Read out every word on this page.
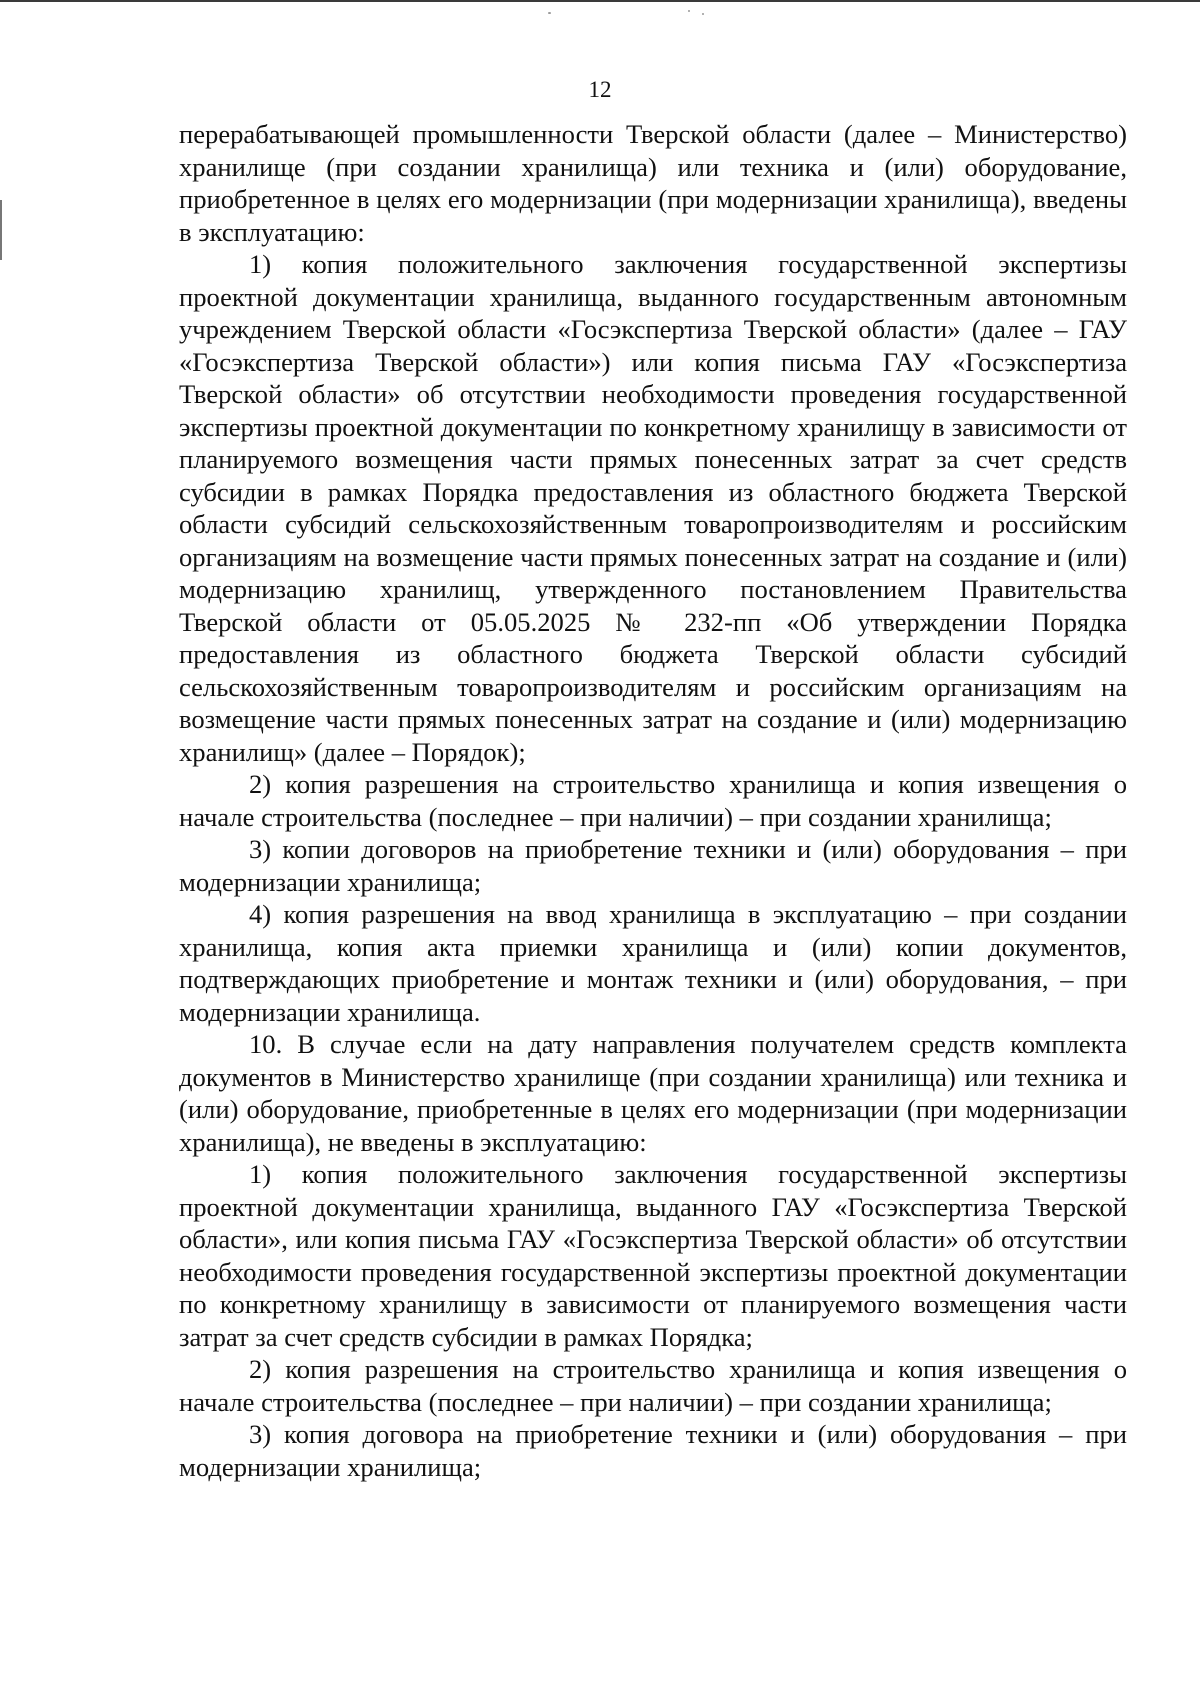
12

перерабатывающей промышленности Тверской области (далее – Министерство) хранилище (при создании хранилища) или техника и (или) оборудование, приобретенное в целях его модернизации (при модернизации хранилища), введены в эксплуатацию:

1) копия положительного заключения государственной экспертизы проектной документации хранилища, выданного государственным автономным учреждением Тверской области «Госэкспертиза Тверской области» (далее – ГАУ «Госэкспертиза Тверской области») или копия письма ГАУ «Госэкспертиза Тверской области» об отсутствии необходимости проведения государственной экспертизы проектной документации по конкретному хранилищу в зависимости от планируемого возмещения части прямых понесенных затрат за счет средств субсидии в рамках Порядка предоставления из областного бюджета Тверской области субсидий сельскохозяйственным товаропроизводителям и российским организациям на возмещение части прямых понесенных затрат на создание и (или) модернизацию хранилищ, утвержденного постановлением Правительства Тверской области от 05.05.2025 № 232-пп «Об утверждении Порядка предоставления из областного бюджета Тверской области субсидий сельскохозяйственным товаропроизводителям и российским организациям на возмещение части прямых понесенных затрат на создание и (или) модернизацию хранилищ» (далее – Порядок);

2) копия разрешения на строительство хранилища и копия извещения о начале строительства (последнее – при наличии) – при создании хранилища;

3) копии договоров на приобретение техники и (или) оборудования – при модернизации хранилища;

4) копия разрешения на ввод хранилища в эксплуатацию – при создании хранилища, копия акта приемки хранилища и (или) копии документов, подтверждающих приобретение и монтаж техники и (или) оборудования, – при модернизации хранилища.

10. В случае если на дату направления получателем средств комплекта документов в Министерство хранилище (при создании хранилища) или техника и (или) оборудование, приобретенные в целях его модернизации (при модернизации хранилища), не введены в эксплуатацию:

1) копия положительного заключения государственной экспертизы проектной документации хранилища, выданного ГАУ «Госэкспертиза Тверской области», или копия письма ГАУ «Госэкспертиза Тверской области» об отсутствии необходимости проведения государственной экспертизы проектной документации по конкретному хранилищу в зависимости от планируемого возмещения части затрат за счет средств субсидии в рамках Порядка;

2) копия разрешения на строительство хранилища и копия извещения о начале строительства (последнее – при наличии) – при создании хранилища;

3) копия договора на приобретение техники и (или) оборудования – при модернизации хранилища;
